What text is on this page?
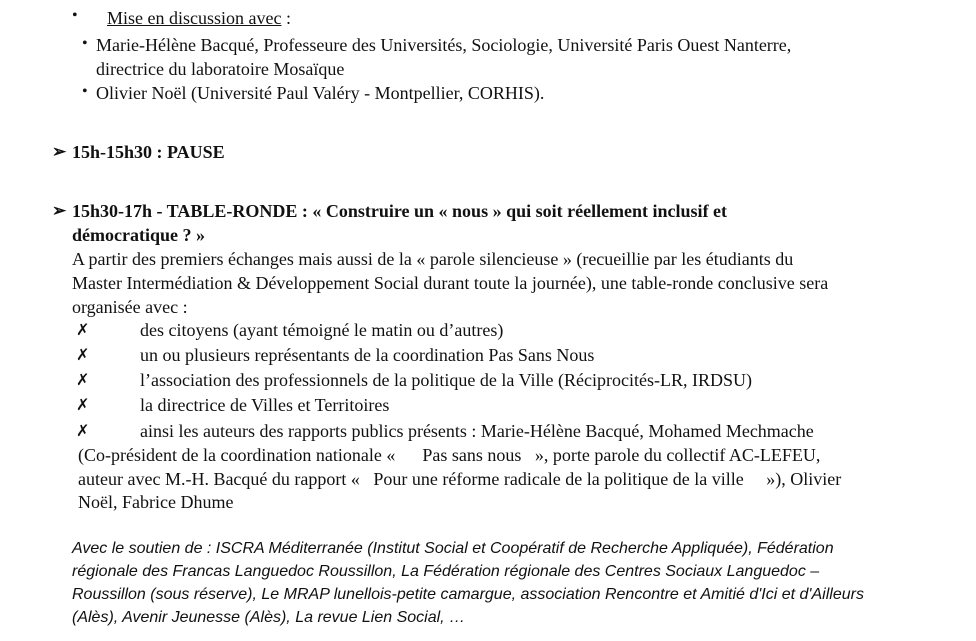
• Mise en discussion avec :
• Marie-Hélène Bacqué, Professeure des Universités, Sociologie, Université Paris Ouest Nanterre,
directrice du laboratoire Mosaïque
• Olivier Noël (Université Paul Valéry - Montpellier, CORHIS).
➢ 15h-15h30 : PAUSE
➢ 15h30-17h - TABLE-RONDE : « Construire un « nous » qui soit réellement inclusif et
démocratique ? »
A partir des premiers échanges mais aussi de la « parole silencieuse » (recueillie par les étudiants du
Master Intermédiation & Développement Social durant toute la journée), une table-ronde conclusive sera
organisée avec :
✗	des citoyens (ayant témoigné le matin ou d’autres)
✗	un ou plusieurs représentants de la coordination Pas Sans Nous
✗	l’association des professionnels de la politique de la Ville (Réciprocités-LR, IRDSU)
✗	la directrice de Villes et Territoires
✗	ainsi les auteurs des rapports publics présents : Marie-Hélène Bacqué, Mohamed Mechmache
(Co-président de la coordination nationale «      Pas sans nous   », porte parole du collectif AC-LEFEU,
auteur avec M.-H. Bacqué du rapport «   Pour une réforme radicale de la politique de la ville     »), Olivier
Noël, Fabrice Dhume
Avec le soutien de : ISCRA Méditerranée (Institut Social et Coopératif de Recherche Appliquée), Fédération
régionale des Francas Languedoc Roussillon, La Fédération régionale des Centres Sociaux Languedoc –
Roussillon (sous réserve), Le MRAP lunellois-petite camargue, association Rencontre et Amitié d'Ici et d'Ailleurs
(Alès), Avenir Jeunesse (Alès), La revue Lien Social, …
